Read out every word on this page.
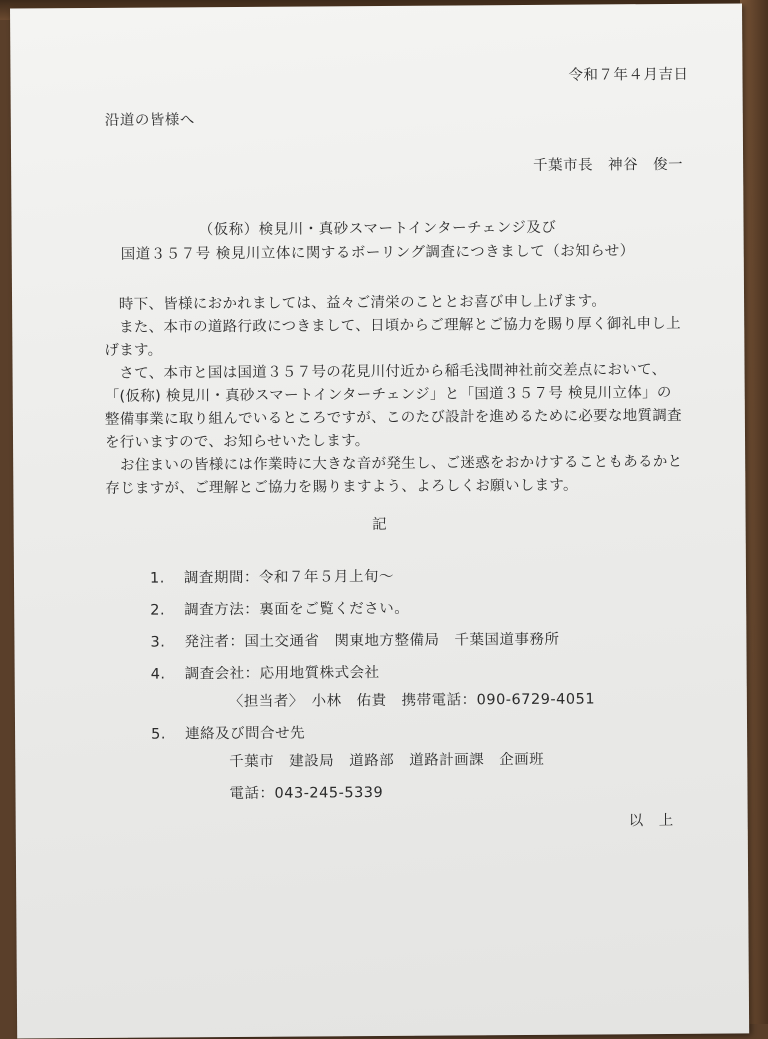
令和７年４月吉日
沿道の皆様へ
千葉市長　神谷　俊一
（仮称）検見川・真砂スマートインターチェンジ及び
国道３５７号 検見川立体に関するボーリング調査につきまして（お知らせ）

　時下、皆様におかれましては、益々ご清栄のこととお喜び申し上げます。

　また、本市の道路行政につきまして、日頃からご理解とご協力を賜り厚く御礼申し上

げます。

　さて、本市と国は国道３５７号の花見川付近から稲毛浅間神社前交差点において、

「(仮称) 検見川・真砂スマートインターチェンジ」と「国道３５７号 検見川立体」の

整備事業に取り組んでいるところですが、このたび設計を進めるために必要な地質調査

を行いますので、お知らせいたします。

　お住まいの皆様には作業時に大きな音が発生し、ご迷惑をおかけすることもあるかと

存じますが、ご理解とご協力を賜りますよう、よろしくお願いします。

記
1. 調査期間：令和７年５月上旬～
2. 調査方法：裏面をご覧ください。
3. 発注者：国土交通省　関東地方整備局　千葉国道事務所
4. 調査会社：応用地質株式会社
〈担当者〉　小林　佑貴　携帯電話：090-6729-4051
5. 連絡及び問合せ先
千葉市　建設局　道路部　道路計画課　企画班
電話：043-245-5339
以　上
